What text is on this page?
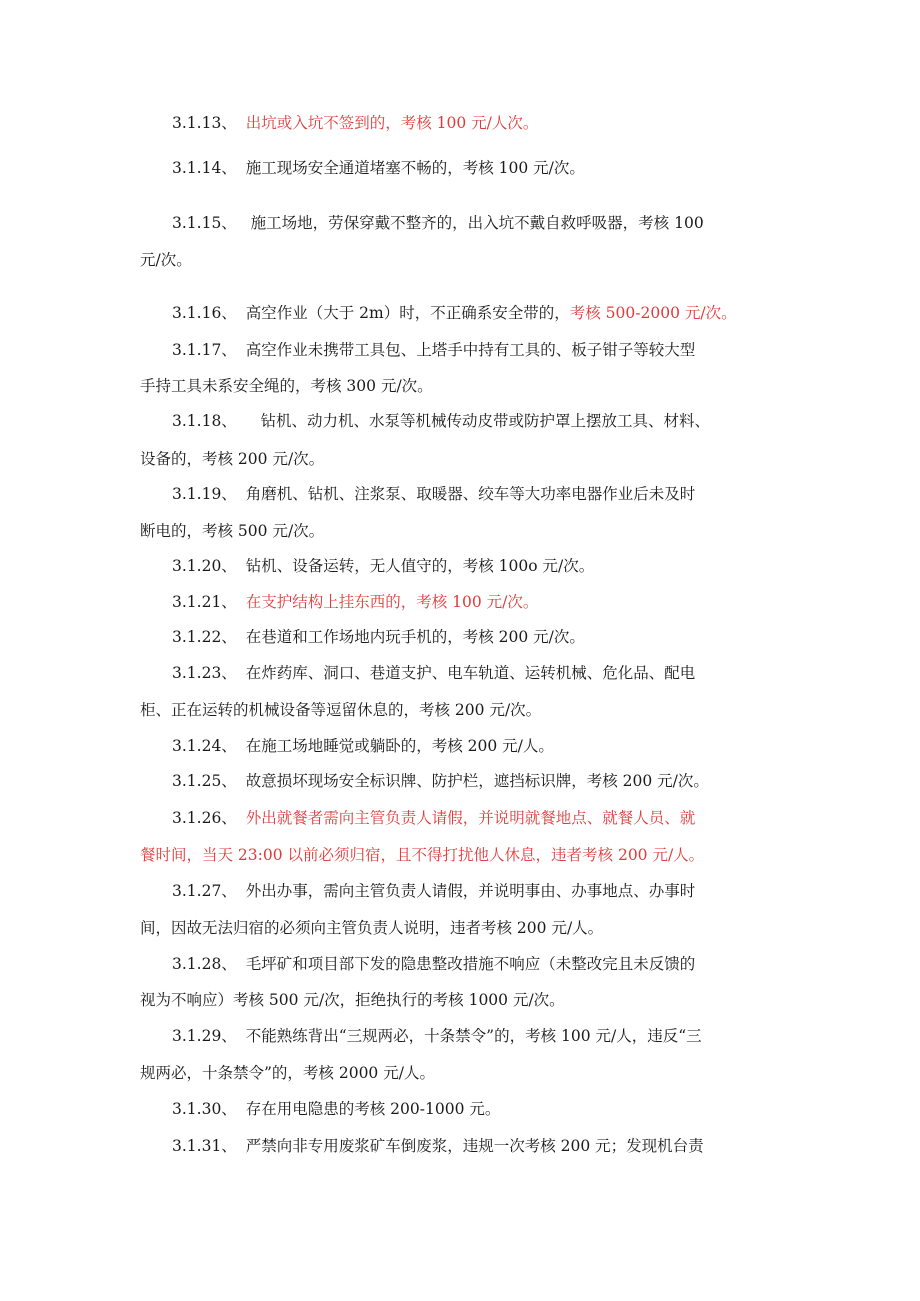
3.1.13、 出坑或入坑不签到的，考核 100 元/人次。
3.1.14、 施工现场安全通道堵塞不畅的，考核 100 元/次。
3.1.15、  施工场地，劳保穿戴不整齐的，出入坑不戴自救呼吸器，考核 100
元/次。
3.1.16、 高空作业（大于 2m）时，不正确系安全带的，考核 500-2000 元/次。
3.1.17、 高空作业未携带工具包、上塔手中持有工具的、板子钳子等较大型
手持工具未系安全绳的，考核 300 元/次。
3.1.18、    钻机、动力机、水泵等机械传动皮带或防护罩上摆放工具、材料、
设备的，考核 200 元/次。
3.1.19、 角磨机、钻机、注浆泵、取暖器、绞车等大功率电器作业后未及时
断电的，考核 500 元/次。
3.1.20、 钻机、设备运转，无人值守的，考核 100o 元/次。
3.1.21、 在支护结构上挂东西的，考核 100 元/次。
3.1.22、 在巷道和工作场地内玩手机的，考核 200 元/次。
3.1.23、 在炸药库、洞口、巷道支护、电车轨道、运转机械、危化品、配电
柜、正在运转的机械设备等逗留休息的，考核 200 元/次。
3.1.24、 在施工场地睡觉或躺卧的，考核 200 元/人。
3.1.25、 故意损坏现场安全标识牌、防护栏，遮挡标识牌，考核 200 元/次。
3.1.26、 外出就餐者需向主管负责人请假，并说明就餐地点、就餐人员、就
餐时间，当天 23:00 以前必须归宿，且不得打扰他人休息，违者考核 200 元/人。
3.1.27、 外出办事，需向主管负责人请假，并说明事由、办事地点、办事时
间，因故无法归宿的必须向主管负责人说明，违者考核 200 元/人。
3.1.28、 毛坪矿和项目部下发的隐患整改措施不响应（未整改完且未反馈的
视为不响应）考核 500 元/次，拒绝执行的考核 1000 元/次。
3.1.29、 不能熟练背出“三规两必，十条禁令”的，考核 100 元/人，违反“三
规两必，十条禁令”的，考核 2000 元/人。
3.1.30、 存在用电隐患的考核 200-1000 元。
3.1.31、 严禁向非专用废浆矿车倒废浆，违规一次考核 200 元；发现机台责
